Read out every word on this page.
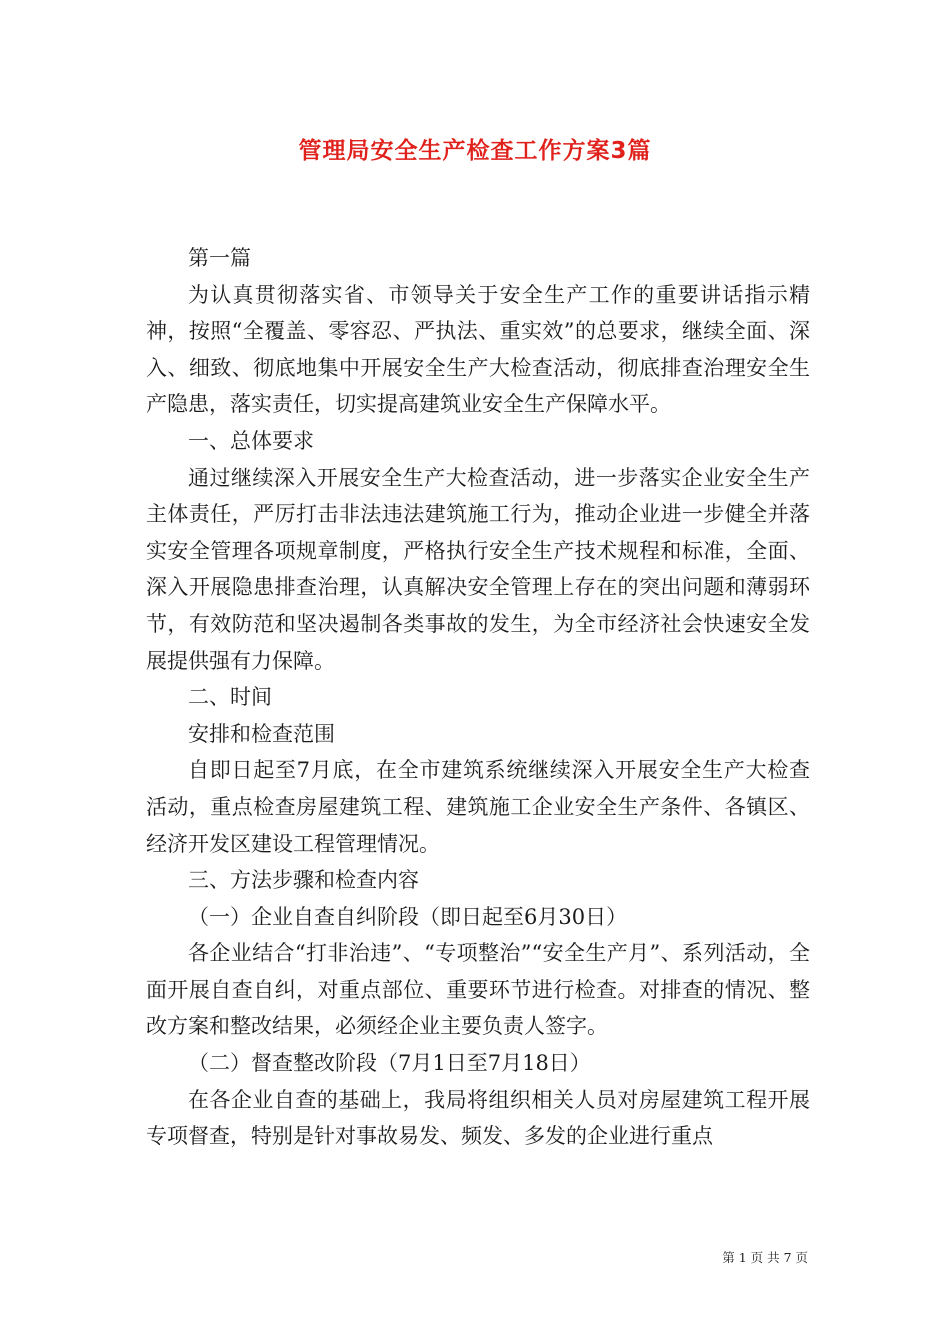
管理局安全生产检查工作方案3篇

第一篇

为认真贯彻落实省、市领导关于安全生产工作的重要讲话指示精神，按照“全覆盖、零容忍、严执法、重实效”的总要求，继续全面、深入、细致、彻底地集中开展安全生产大检查活动，彻底排查治理安全生产隐患，落实责任，切实提高建筑业安全生产保障水平。

一、总体要求

通过继续深入开展安全生产大检查活动，进一步落实企业安全生产主体责任，严厉打击非法违法建筑施工行为，推动企业进一步健全并落实安全管理各项规章制度，严格执行安全生产技术规程和标准，全面、深入开展隐患排查治理，认真解决安全管理上存在的突出问题和薄弱环节，有效防范和坚决遏制各类事故的发生，为全市经济社会快速安全发展提供强有力保障。

二、时间

安排和检查范围

自即日起至7月底，在全市建筑系统继续深入开展安全生产大检查活动，重点检查房屋建筑工程、建筑施工企业安全生产条件、各镇区、经济开发区建设工程管理情况。

三、方法步骤和检查内容

（一）企业自查自纠阶段（即日起至6月30日）

各企业结合“打非治违”、“专项整治”“安全生产月”、系列活动，全面开展自查自纠，对重点部位、重要环节进行检查。对排查的情况、整改方案和整改结果，必须经企业主要负责人签字。

（二）督查整改阶段（7月1日至7月18日）

在各企业自查的基础上，我局将组织相关人员对房屋建筑工程开展专项督查，特别是针对事故易发、频发、多发的企业进行重点

第 1 页 共 7 页
